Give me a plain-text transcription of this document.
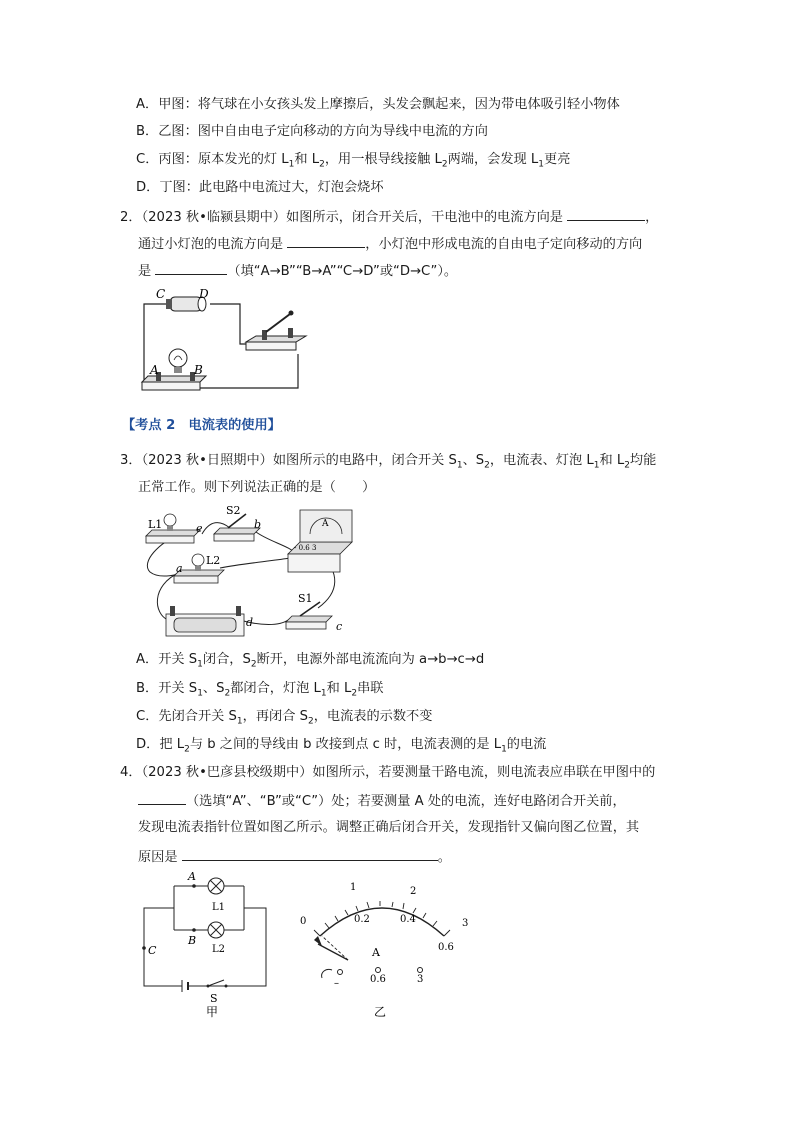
A．甲图：将气球在小女孩头发上摩擦后，头发会飘起来，因为带电体吸引轻小物体
B．乙图：图中自由电子定向移动的方向为导线中电流的方向
C．丙图：原本发光的灯 $L_1$和 $L_2$，用一根导线接触 $L_2$两端，会发现 $L_1$更亮
D．丁图：此电路中电流过大，灯泡会烧坏
2．（2023 秋•临颍县期中）如图所示，闭合开关后，干电池中的电流方向是	，
通过小灯泡的电流方向是	，小灯泡中形成电流的自由电子定向移动的方向
是	（填“A→B”“B→A”“C→D”或“D→C”）。
C	D
A	B
【考点 2　电流表的使用】
3．（2023 秋•日照期中）如图所示的电路中，闭合开关 $S_1$、$S_2$，电流表、灯泡 $L_1$和 $L_2$均能
正常工作。则下列说法正确的是（　　）
L1	e
S2
b	A
- 0.6 3
a
L2
d
S1
c
A．开关 $S_1$闭合，$S_2$断开，电源外部电流流向为 a→b→c→d
B．开关 $S_1$、$S_2$都闭合，灯泡 $L_1$和 $L_2$串联
C．先闭合开关 $S_1$，再闭合 $S_2$，电流表的示数不变
D．把 $L_2$与 b 之间的导线由 b 改接到点 c 时，电流表测的是 $L_1$的电流
4．（2023 秋•巴彦县校级期中）如图所示，若要测量干路电流，则电流表应串联在甲图中的
（选填“A”、“B”或“C”）处；若要测量 A 处的电流，连好电路闭合开关前，
发现电流表指针位置如图乙所示。调整正确后闭合开关，发现指针又偏向图乙位置，其
原因是	。
A
B
C
L1
L2
S
甲
0
1	2
3
0.2	0.4
0.6
A
–	0.6	3
乙
